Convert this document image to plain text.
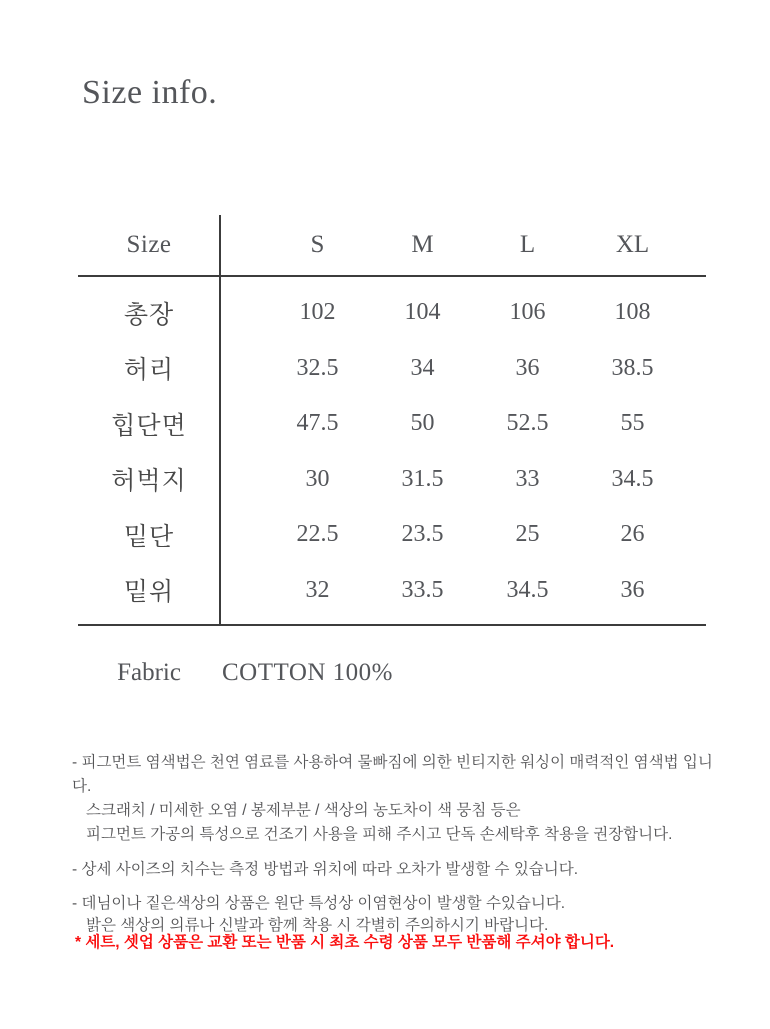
Size info.
Size	S	M	L	XL
총장	102	104	106	108
허리	32.5	34	36	38.5
힙단면	47.5	50	52.5	55
허벅지	30	31.5	33	34.5
밑단	22.5	23.5	25	26
밑위	32	33.5	34.5	36
Fabric	COTTON 100%
- 피그먼트 염색법은 천연 염료를 사용하여 물빠짐에 의한 빈티지한 워싱이 매력적인 염색법 입니다.
스크래치 / 미세한 오염 / 봉제부분 / 색상의 농도차이 색 뭉침 등은
피그먼트 가공의 특성으로 건조기 사용을 피해 주시고 단독 손세탁후 착용을 권장합니다.
- 상세 사이즈의 치수는 측정 방법과 위치에 따라 오차가 발생할 수 있습니다.
- 데님이나 짙은색상의 상품은 원단 특성상 이염현상이 발생할 수있습니다.
밝은 색상의 의류나 신발과 함께 착용 시 각별히 주의하시기 바랍니다.
* 세트, 셋업 상품은 교환 또는 반품 시 최초 수령 상품 모두 반품해 주셔야 합니다.
